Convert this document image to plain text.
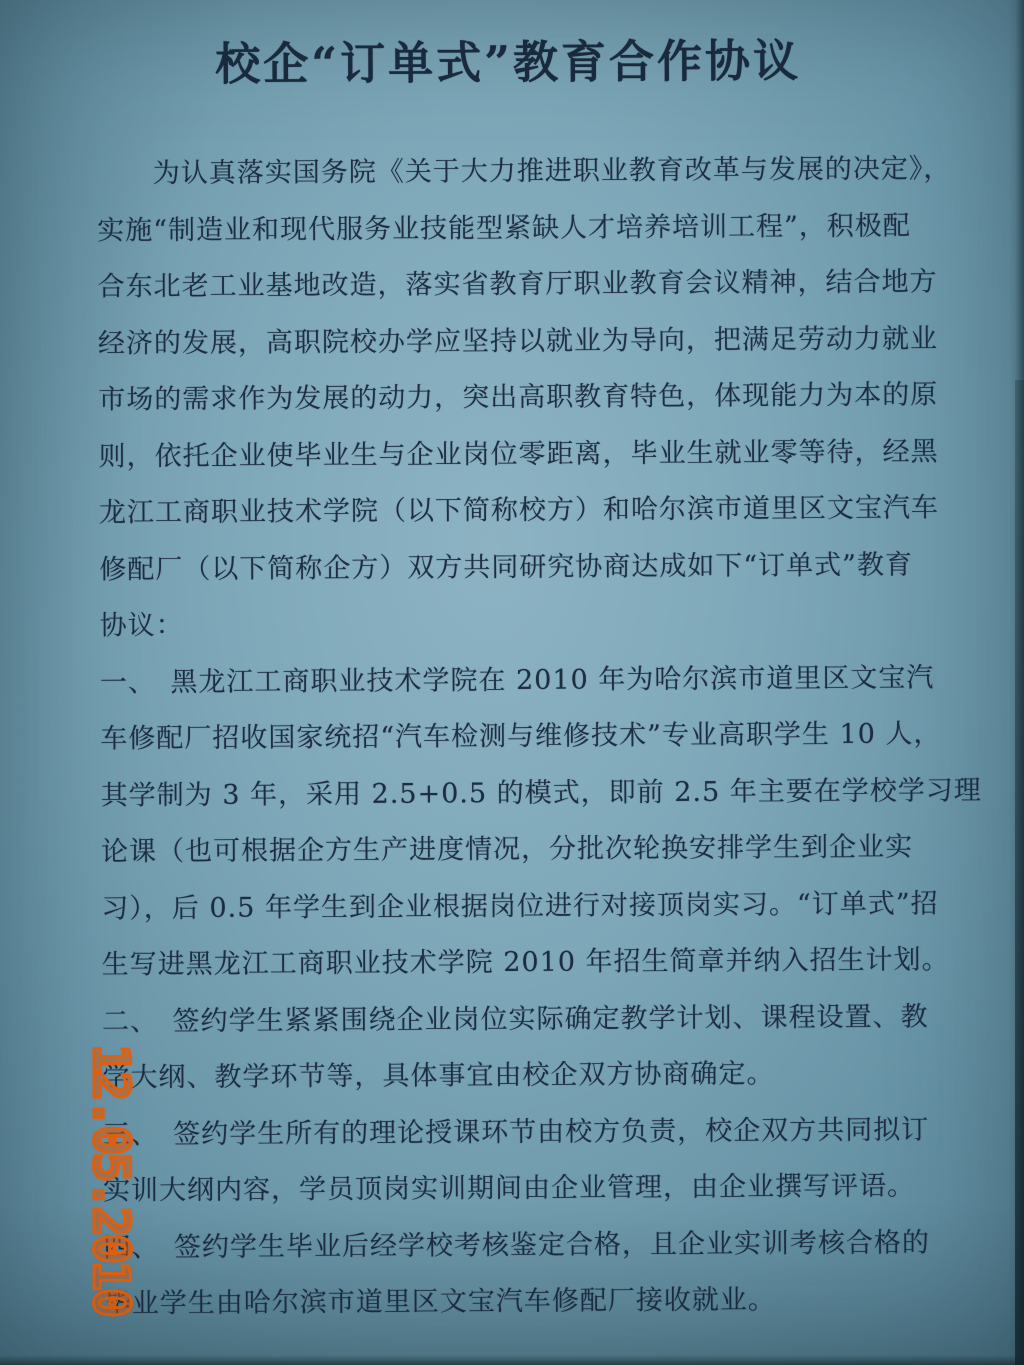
校企“订单式”教育合作协议
为认真落实国务院《关于大力推进职业教育改革与发展的决定》，
实施“制造业和现代服务业技能型紧缺人才培养培训工程”，积极配
合东北老工业基地改造，落实省教育厅职业教育会议精神，结合地方
经济的发展，高职院校办学应坚持以就业为导向，把满足劳动力就业
市场的需求作为发展的动力，突出高职教育特色，体现能力为本的原
则，依托企业使毕业生与企业岗位零距离，毕业生就业零等待，经黑
龙江工商职业技术学院（以下简称校方）和哈尔滨市道里区文宝汽车
修配厂（以下简称企方）双方共同研究协商达成如下“订单式”教育
协议：
一、　黑龙江工商职业技术学院在 2010 年为哈尔滨市道里区文宝汽
车修配厂招收国家统招“汽车检测与维修技术”专业高职学生 10 人，
其学制为 3 年，采用 2.5+0.5 的模式，即前 2.5 年主要在学校学习理
论课（也可根据企方生产进度情况，分批次轮换安排学生到企业实
习），后 0.5 年学生到企业根据岗位进行对接顶岗实习。“订单式”招
生写进黑龙江工商职业技术学院 2010 年招生简章并纳入招生计划。
二、　签约学生紧紧围绕企业岗位实际确定教学计划、课程设置、教
学大纲、教学环节等，具体事宜由校企双方协商确定。
三、　签约学生所有的理论授课环节由校方负责，校企双方共同拟订
实训大纲内容，学员顶岗实训期间由企业管理，由企业撰写评语。
四、　签约学生毕业后经学校考核鉴定合格，且企业实训考核合格的
毕业学生由哈尔滨市道里区文宝汽车修配厂接收就业。
12.05.2010
